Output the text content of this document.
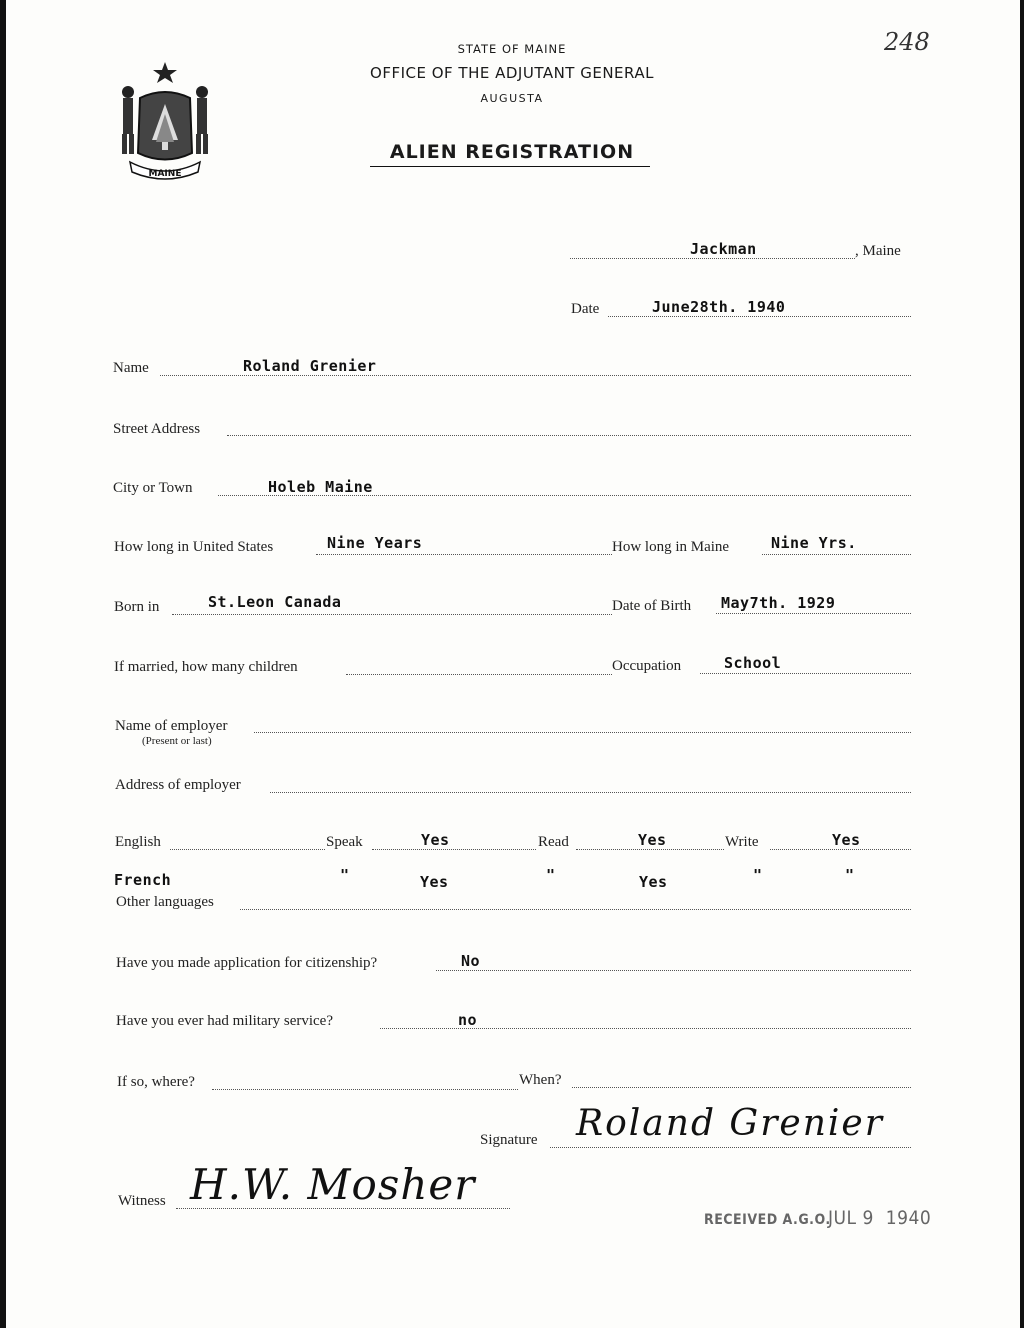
248
MAINE
STATE OF MAINE
OFFICE OF THE ADJUTANT GENERAL
AUGUSTA
ALIEN REGISTRATION
Jackman	, Maine
Date	June28th. 1940
Name	Roland Grenier
Street Address
City or Town	Holeb Maine
How long in United States	Nine Years	How long in Maine	Nine Yrs.
Born in	St.Leon Canada	Date of Birth May7th. 1929
If married, how many children	Occupation	School
Name of employer
(Present or last)
Address of employer
English	Speak	Yes	Read	Yes	Write	Yes
French	"	Yes	"	Yes	"	"
Other languages
Have you made application for citizenship?	No
Have you ever had military service?	no
If so, where?	When?
Signature Roland Grenier
Witness H.W. Mosher
RECEIVED A.G.O.
JUL 9  1940
